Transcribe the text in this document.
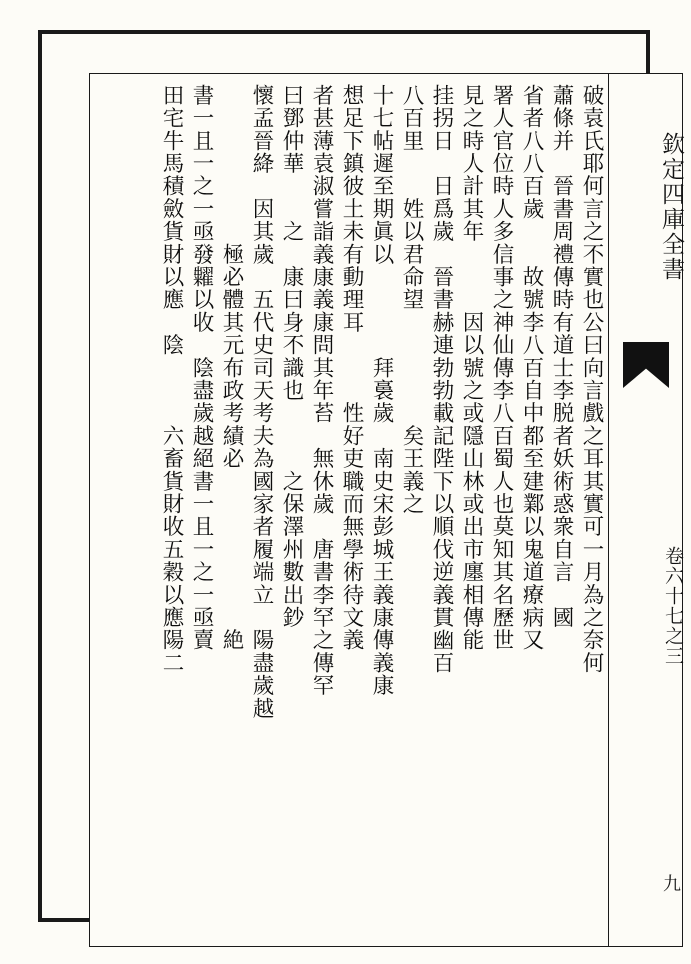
欽定四庫全書
卷六十七之三
九
破袁氏耶何言之不實也公曰向言戲之耳其實可一月為之奈何
蕭條并　晉書周禮傳時有道士李脱者妖術惑衆自言　國
省者八八百歲　　故號李八百自中都至建鄴以鬼道療病又
署人官位時人多信事之神仙傳李八百蜀人也莫知其名歷世
見之時人計其年　　　因以號之或隱山林或出市廛相傳能
挂拐日　日爲歲　晉書赫連勃勃載記陛下以順伐逆義貫幽百
八百里　　姓以君命望　　　　　矣王義之
十七帖遲至期眞以　　　　拜裛歲　南史宋彭城王義康傳義康
想足下鎮彼土未有動理耳　　　性好吏職而無學術待文義
者甚薄袁淑嘗詣義康義康問其年苔　無休歲　唐書李罕之傳罕
曰鄧仲華　　之　康曰身不識也　　　之保澤州數出鈔
懷孟晉絳　因其歲　五代史司天考夫為國家者履端立　陽盡歲越
　　　　　　　極必體其元布政考績必　　　　　　　絶
書一且一之一亟發糶以收　陰盡歲越絕書一且一之一亟賣
田宅牛馬積斂貨財以應　陰　　　六畜貨財收五穀以應陽二
